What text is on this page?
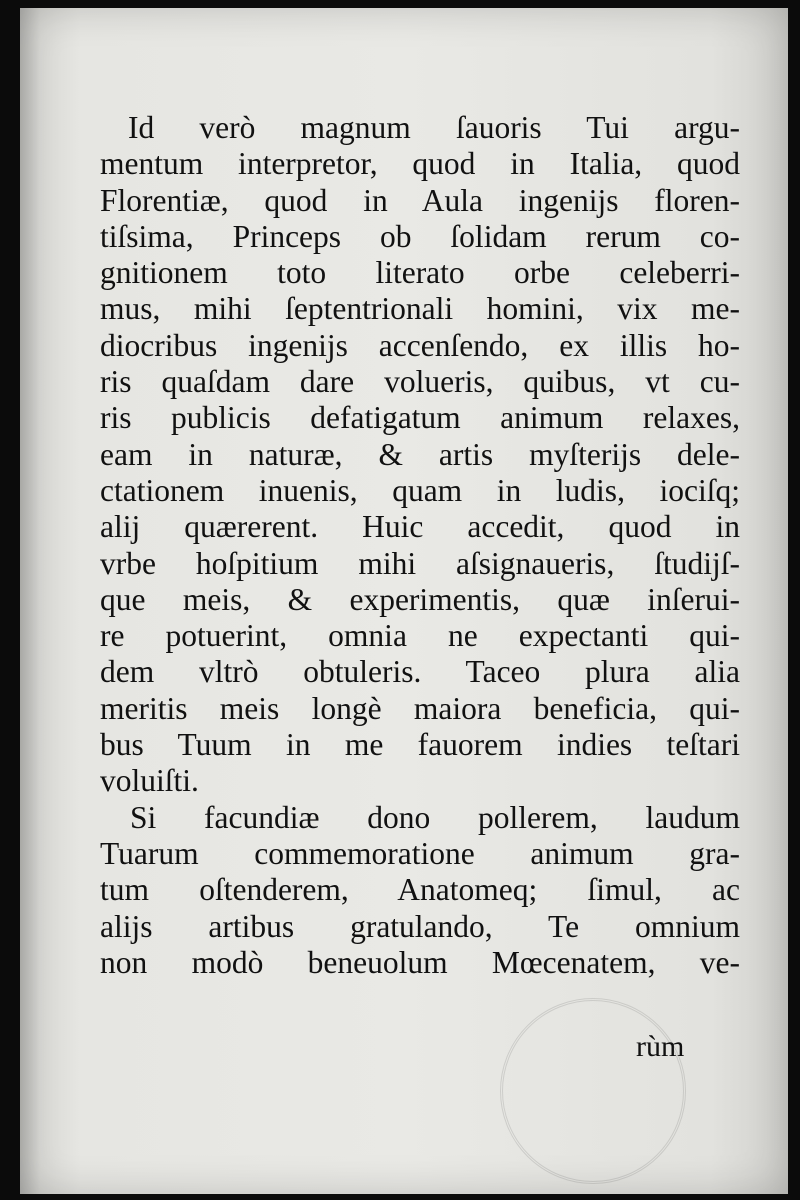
Id verò magnum ſauoris Tui argu-
mentum interpretor, quod in Italia, quod
Florentiæ, quod in Aula ingenijs floren-
tiſsima, Princeps ob ſolidam rerum co-
gnitionem toto literato orbe celeberri-
mus, mihi ſeptentrionali homini, vix me-
diocribus ingenijs accenſendo, ex illis ho-
ris quaſdam dare volueris, quibus, vt cu-
ris publicis defatigatum animum relaxes,
eam in naturæ, & artis myſterijs dele-
ctationem inuenis, quam in ludis, iociſq;
alij quærerent. Huic accedit, quod in
vrbe hoſpitium mihi aſsignaueris, ſtudijſ-
que meis, & experimentis, quæ inſerui-
re potuerint, omnia ne expectanti qui-
dem vltrò obtuleris. Taceo plura alia
meritis meis longè maiora beneficia, qui-
bus Tuum in me fauorem indies teſtari
voluiſti.
Si facundiæ dono pollerem, laudum
Tuarum commemoratione animum gra-
tum oſtenderem, Anatomeq; ſimul, ac
alijs artibus gratulando, Te omnium
non modò beneuolum Mœcenatem, ve-
rùm
